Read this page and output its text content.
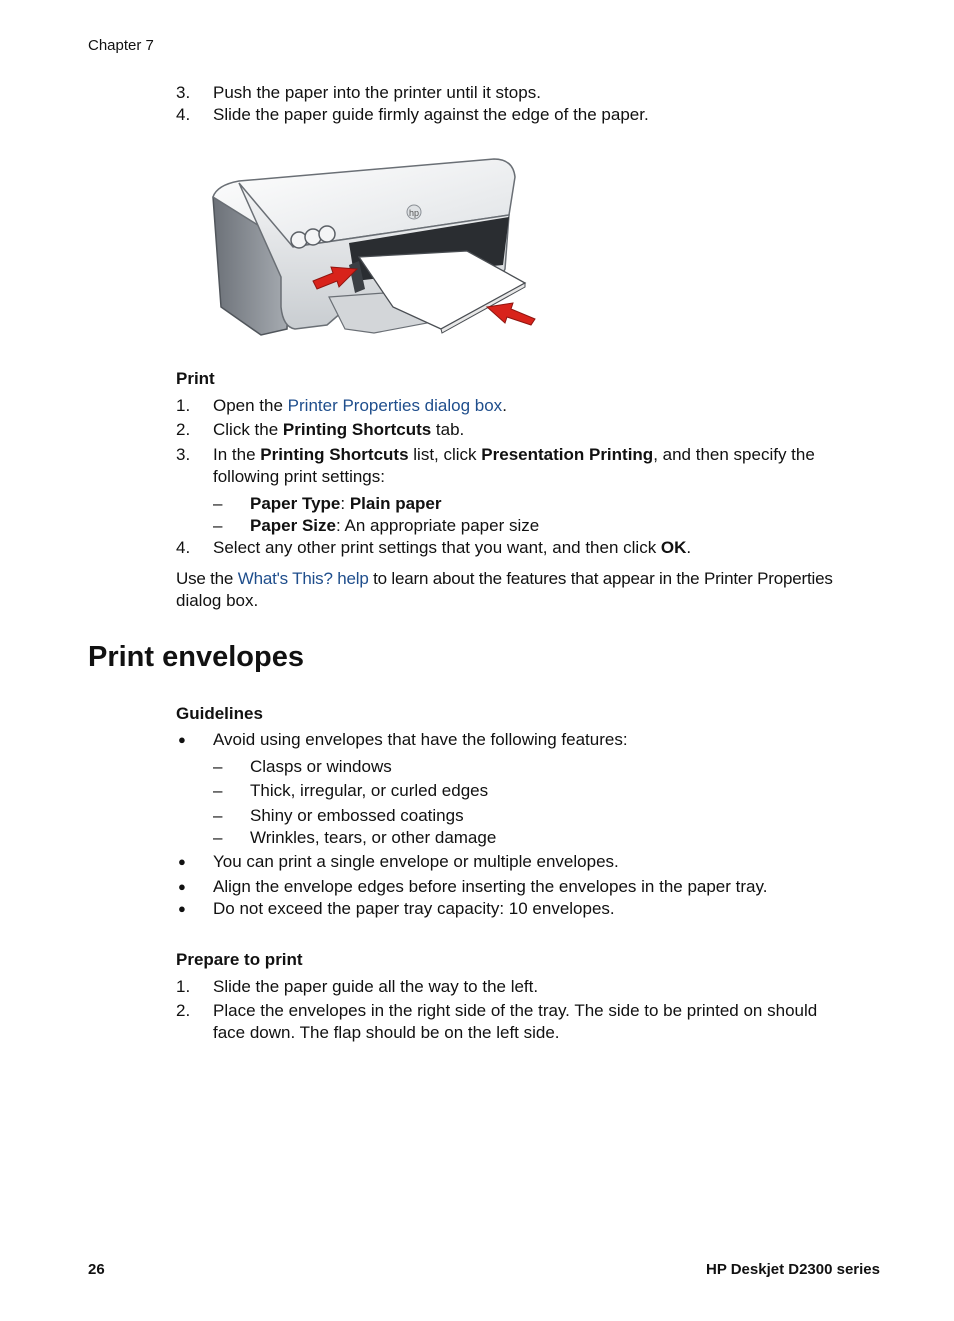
Chapter 7
3. Push the paper into the printer until it stops.
4. Slide the paper guide firmly against the edge of the paper.
hp
Print
1. Open the Printer Properties dialog box.
2. Click the Printing Shortcuts tab.
3. In the Printing Shortcuts list, click Presentation Printing, and then specify the
following print settings:
– Paper Type: Plain paper
– Paper Size: An appropriate paper size
4. Select any other print settings that you want, and then click OK.
Use the What's This? help to learn about the features that appear in the Printer Properties
dialog box.
Print envelopes
Guidelines
● Avoid using envelopes that have the following features:
– Clasps or windows
– Thick, irregular, or curled edges
– Shiny or embossed coatings
– Wrinkles, tears, or other damage
● You can print a single envelope or multiple envelopes.
● Align the envelope edges before inserting the envelopes in the paper tray.
● Do not exceed the paper tray capacity: 10 envelopes.
Prepare to print
1. Slide the paper guide all the way to the left.
2. Place the envelopes in the right side of the tray. The side to be printed on should
face down. The flap should be on the left side.
26	HP Deskjet D2300 series
